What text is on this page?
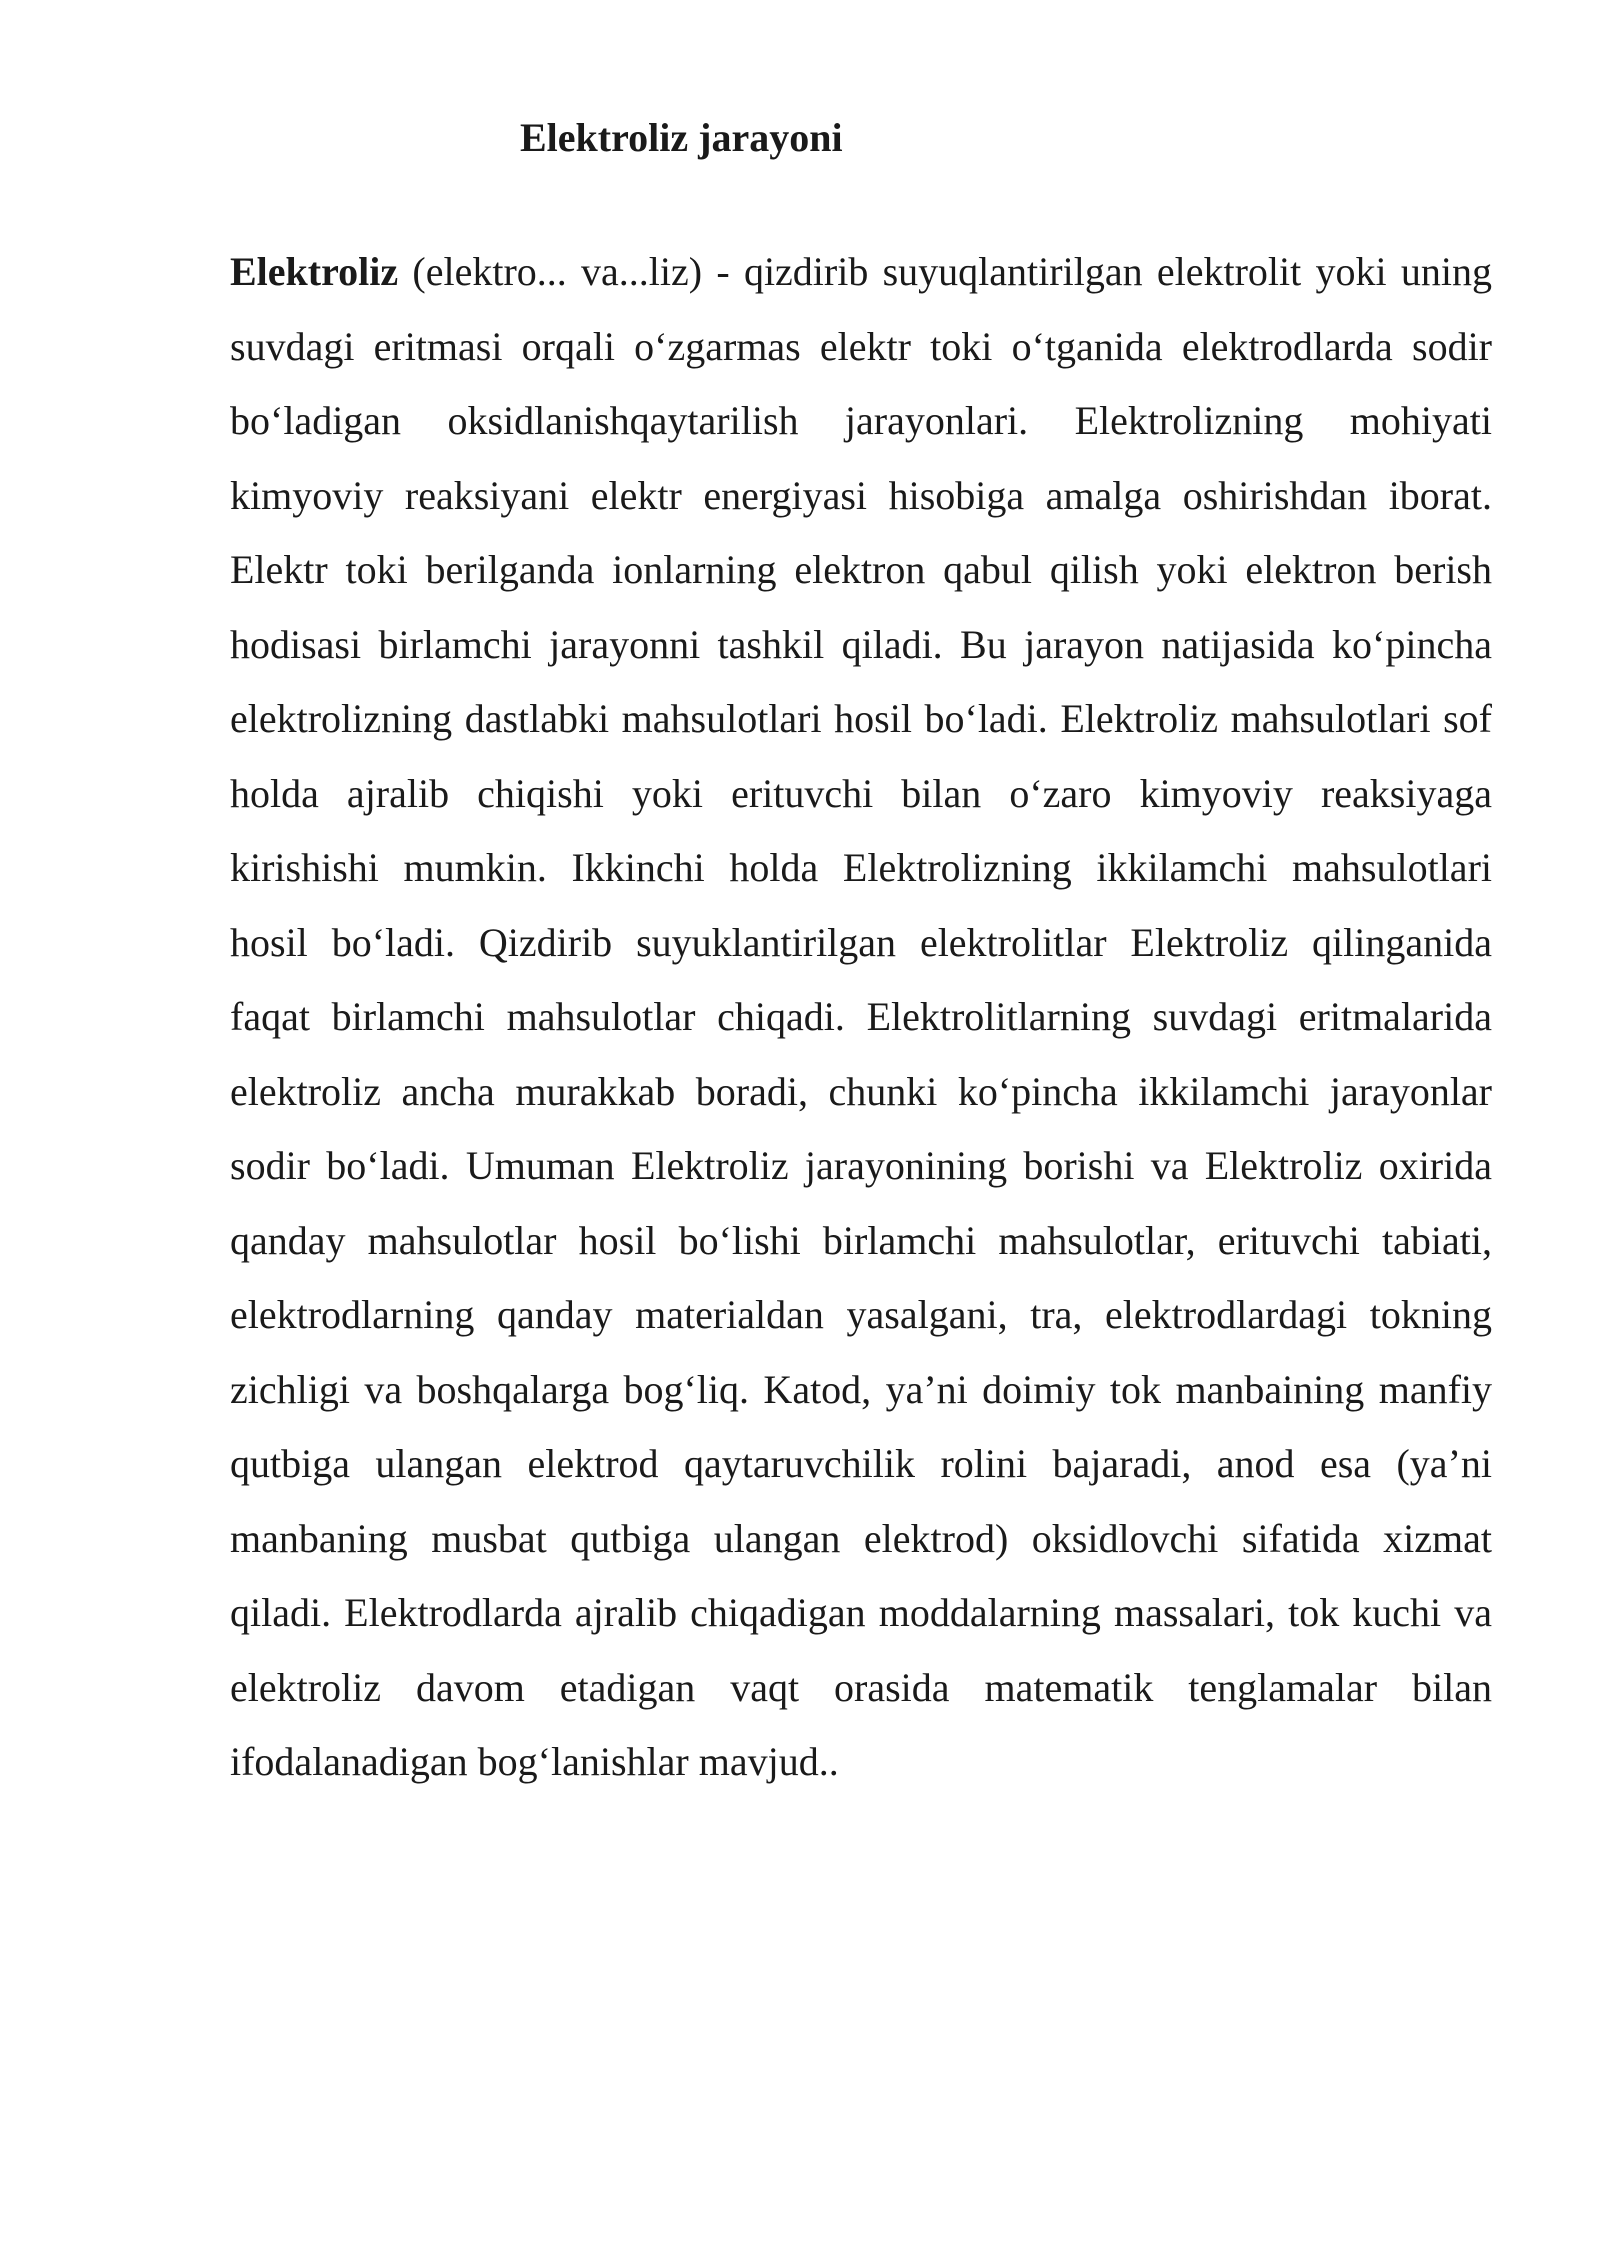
Elektroliz jarayoni

Elektroliz (elektro... va...liz) - qizdirib suyuqlantirilgan elektrolit yoki uning suvdagi eritmasi orqali oʻzgarmas elektr toki oʻtganida elektrodlarda sodir boʻladigan oksidlanishqaytarilish jarayonlari. Elektrolizning mohiyati kimyoviy reaksiyani elektr energiyasi hisobiga amalga oshirishdan iborat. Elektr toki berilganda ionlarning elektron qabul qilish yoki elektron berish hodisasi birlamchi jarayonni tashkil qiladi. Bu jarayon natijasida koʻpincha elektrolizning dastlabki mahsulotlari hosil boʻladi. Elektroliz mahsulotlari sof holda ajralib chiqishi yoki erituvchi bilan oʻzaro kimyoviy reaksiyaga kirishishi mumkin. Ikkinchi holda Elektrolizning ikkilamchi mahsulotlari hosil boʻladi. Qizdirib suyuklantirilgan elektrolitlar Elektroliz qilinganida faqat birlamchi mahsulotlar chiqadi. Elektrolitlarning suvdagi eritmalarida elektroliz ancha murakkab boradi, chunki koʻpincha ikkilamchi jarayonlar sodir boʻladi. Umuman Elektroliz jarayonining borishi va Elektroliz oxirida qanday mahsulotlar hosil boʻlishi birlamchi mahsulotlar, erituvchi tabiati, elektrodlarning qanday materialdan yasalgani, tra, elektrodlardagi tokning zichligi va boshqalarga bogʻliq. Katod, ya’ni doimiy tok manbaining manfiy qutbiga ulangan elektrod qaytaruvchilik rolini bajaradi, anod esa (ya’ni manbaning musbat qutbiga ulangan elektrod) oksidlovchi sifatida xizmat qiladi. Elektrodlarda ajralib chiqadigan moddalarning massalari, tok kuchi va elektroliz davom etadigan vaqt orasida matematik tenglamalar bilan ifodalanadigan bogʻlanishlar mavjud..
